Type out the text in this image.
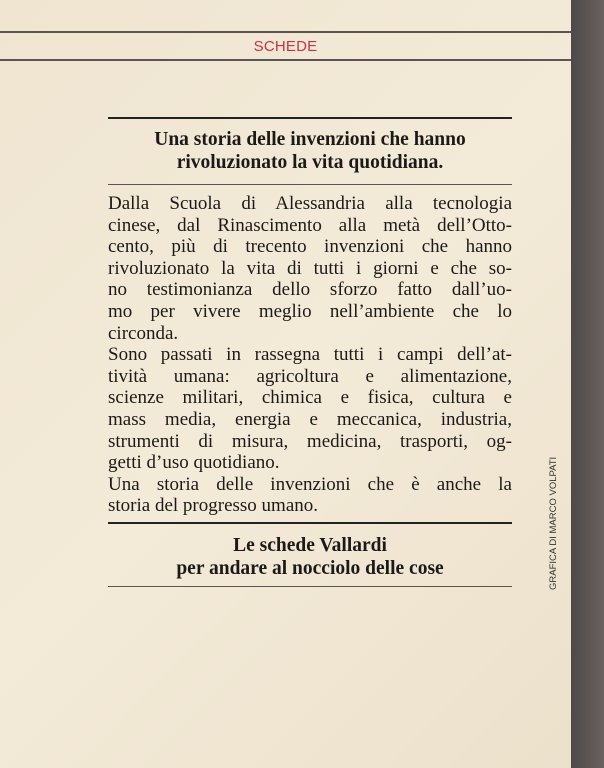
SCHEDE
Una storia delle invenzioni che hanno
rivoluzionato la vita quotidiana.
Dalla Scuola di Alessandria alla tecnologia
cinese, dal Rinascimento alla metà dell’Otto-
cento, più di trecento invenzioni che hanno
rivoluzionato la vita di tutti i giorni e che so-
no testimonianza dello sforzo fatto dall’uo-
mo per vivere meglio nell’ambiente che lo
circonda.
Sono passati in rassegna tutti i campi dell’at-
tività umana: agricoltura e alimentazione,
scienze militari, chimica e fisica, cultura e
mass media, energia e meccanica, industria,
strumenti di misura, medicina, trasporti, og-
getti d’uso quotidiano.
Una storia delle invenzioni che è anche la
storia del progresso umano.
Le schede Vallardi
per andare al nocciolo delle cose	GRAFICA DI MARCO VOLPATI
